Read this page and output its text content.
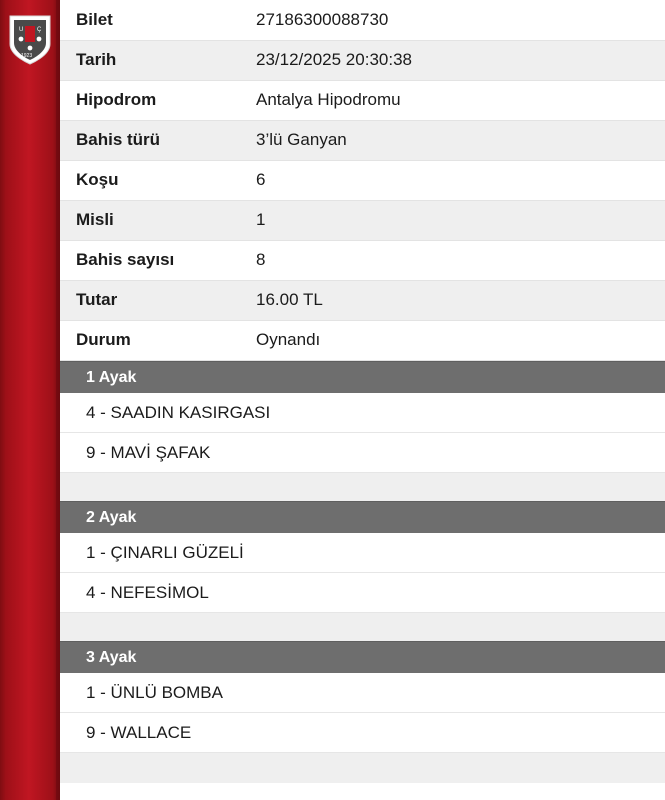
U Ç
1923
Bilet	27186300088730
Tarih	23/12/2025 20:30:38
Hipodrom	Antalya Hipodromu
Bahis türü	3’lü Ganyan
Koşu	6
Misli	1
Bahis sayısı	8
Tutar	16.00 TL
Durum	Oynandı
1 Ayak
4 - SAADIN KASIRGASI
9 - MAVİ ŞAFAK
2 Ayak
1 - ÇINARLI GÜZELİ
4 - NEFESİMOL
3 Ayak
1 - ÜNLÜ BOMBA
9 - WALLACE
